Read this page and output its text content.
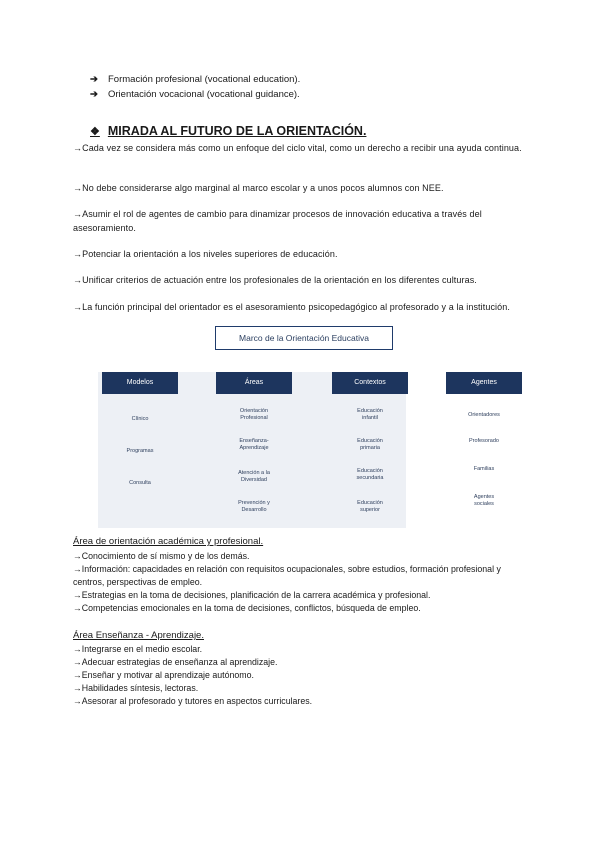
➔	Formación profesional (vocational education).
➔	Orientación vocacional (vocational guidance).
❖ MIRADA AL FUTURO DE LA ORIENTACIÓN.
→Cada vez se considera más como un enfoque del ciclo vital, como un derecho a recibir una ayuda continua.
→No debe considerarse algo marginal al marco escolar y a unos pocos alumnos con NEE.
→Asumir el rol de agentes de cambio para dinamizar procesos de innovación educativa a través del asesoramiento.
→Potenciar la orientación a los niveles superiores de educación.
→Unificar criterios de actuación entre los profesionales de la orientación en los diferentes culturas.
→La función principal del orientador es el asesoramiento psicopedagógico al profesorado y a la institución.
Marco de la Orientación Educativa
Modelos
Clínico
Programas
Consulta
Áreas
Orientación
Profesional
Enseñanza-
Aprendizaje
Atención a la
Diversidad
Prevención y
Desarrollo
Contextos
Educación
infantil
Educación
primaria
Educación
secundaria
Educación
superior
Agentes
Orientadores
Profesorado
Familias
Agentes
sociales
Área de orientación académica y profesional.
→Conocimiento de sí mismo y de los demás.
→Información: capacidades en relación con requisitos ocupacionales, sobre estudios, formación profesional y centros, perspectivas de empleo.
→Estrategias en la toma de decisiones, planificación de la carrera académica y profesional.
→Competencias emocionales en la toma de decisiones, conflictos, búsqueda de empleo.
Área Enseñanza - Aprendizaje.
→Integrarse en el medio escolar.
→Adecuar estrategias de enseñanza al aprendizaje.
→Enseñar y motivar al aprendizaje autónomo.
→Habilidades síntesis, lectoras.
→Asesorar al profesorado y tutores en aspectos curriculares.
